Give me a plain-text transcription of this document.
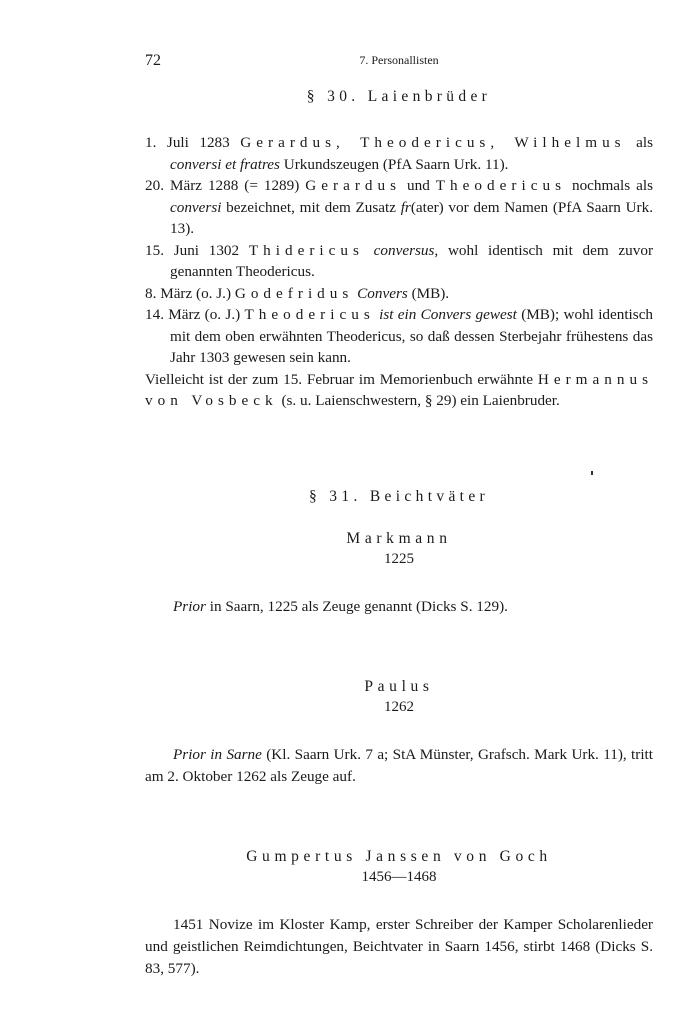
72	7. Personallisten
§ 30. Laienbrüder

1. Juli 1283 Gerardus, Theodericus, Wilhelmus als conversi et fratres Urkundszeugen (PfA Saarn Urk. 11).

20. März 1288 (= 1289) Gerardus und Theodericus nochmals als conversi bezeichnet, mit dem Zusatz fr(ater) vor dem Namen (PfA Saarn Urk. 13).

15. Juni 1302 Thidericus conversus, wohl identisch mit dem zuvor genannten Theodericus.

8. März (o. J.) Godefridus Convers (MB).

14. März (o. J.) Theodericus ist ein Convers gewest (MB); wohl identisch mit dem oben erwähnten Theodericus, so daß dessen Sterbejahr frühestens das Jahr 1303 gewesen sein kann.

Vielleicht ist der zum 15. Februar im Memorienbuch erwähnte Hermannus von Vosbeck (s. u. Laienschwestern, § 29) ein Laienbruder.

§ 31. Beichtväter
Markmann
1225
Prior in Saarn, 1225 als Zeuge genannt (Dicks S. 129).
Paulus
1262
Prior in Sarne (Kl. Saarn Urk. 7 a; StA Münster, Grafsch. Mark Urk. 11), tritt am 2. Oktober 1262 als Zeuge auf.
Gumpertus Janssen von Goch
1456—1468
1451 Novize im Kloster Kamp, erster Schreiber der Kamper Scholarenlieder und geistlichen Reimdichtungen, Beichtvater in Saarn 1456, stirbt 1468 (Dicks S. 83, 577).
